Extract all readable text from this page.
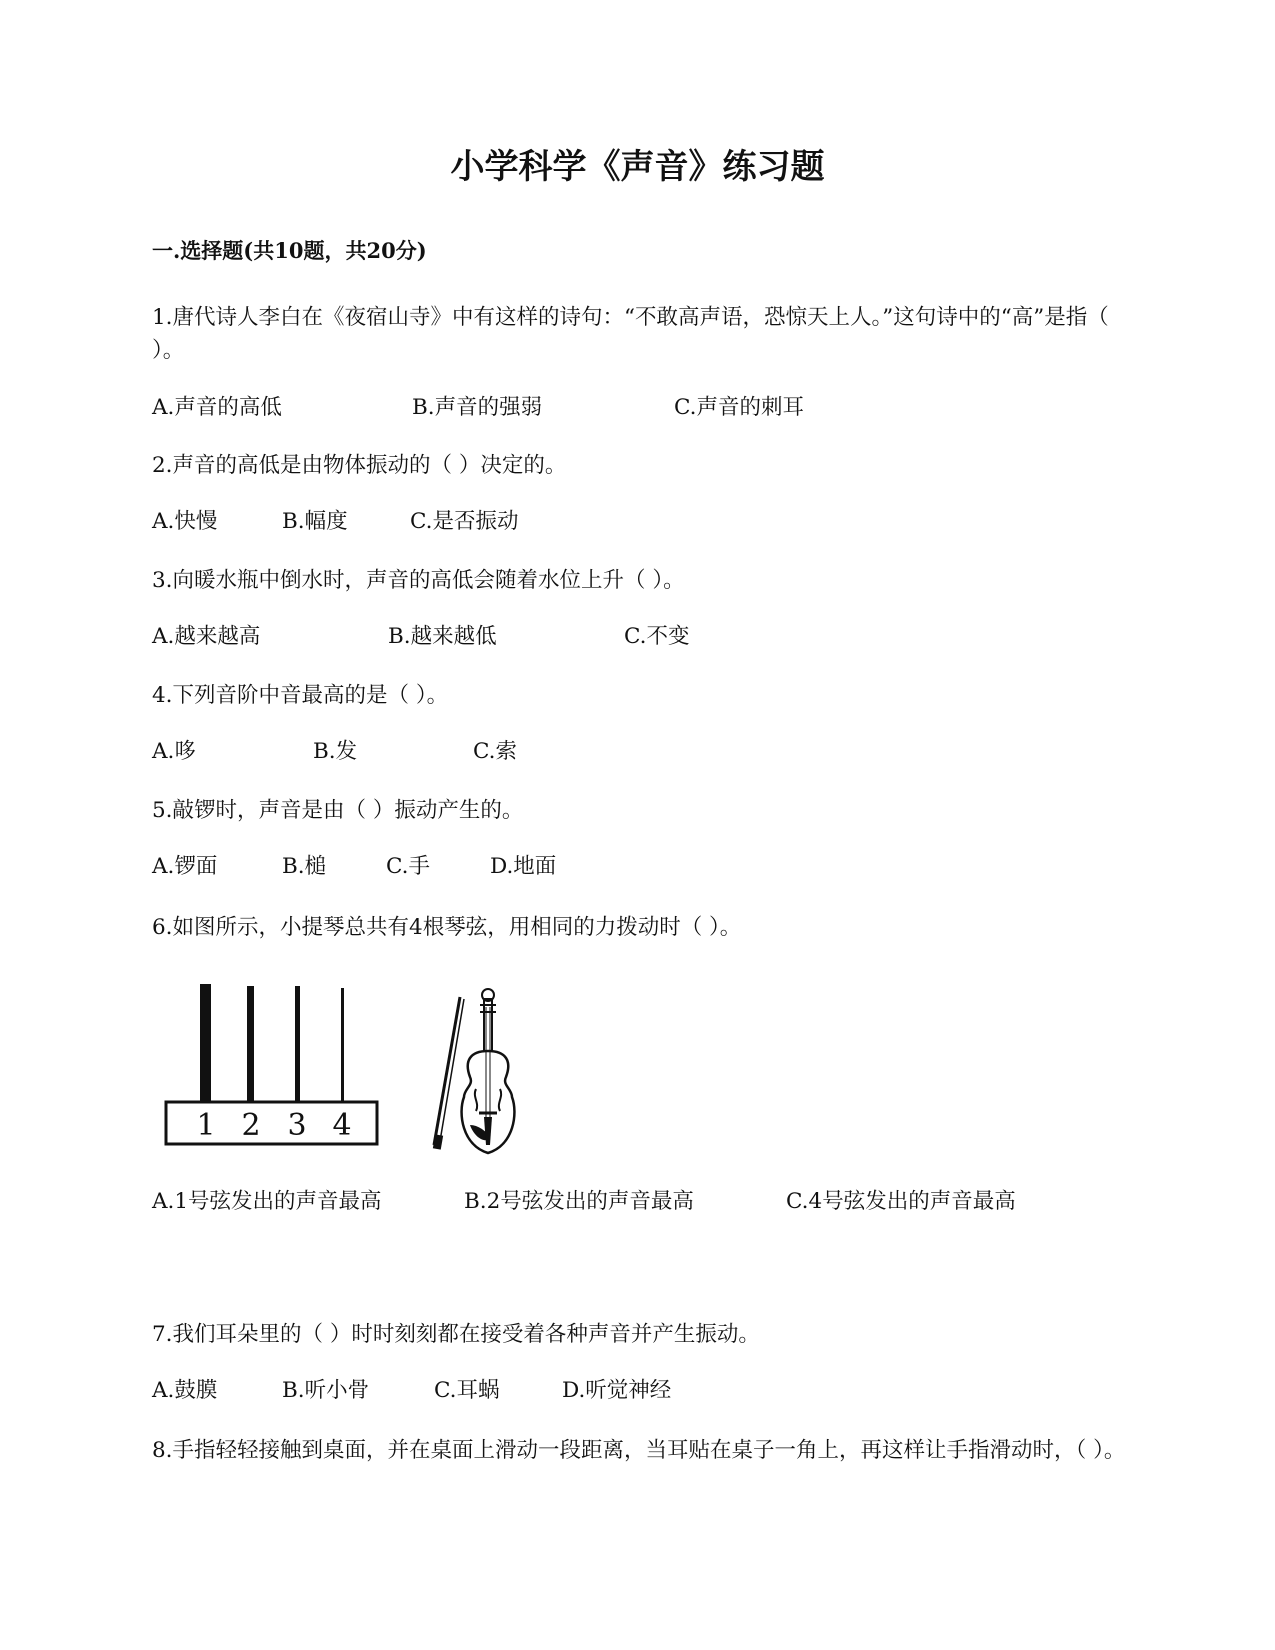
小学科学《声音》练习题
一.选择题(共10题，共20分)
1.唐代诗人李白在《夜宿山寺》中有这样的诗句：“不敢高声语，恐惊天上人。”这句诗中的“高”是指（ ）。
A.声音的高低	B.声音的强弱	C.声音的刺耳
2.声音的高低是由物体振动的（ ）决定的。
A.快慢	B.幅度	C.是否振动
3.向暖水瓶中倒水时，声音的高低会随着水位上升（ ）。
A.越来越高	B.越来越低	C.不变
4.下列音阶中音最高的是（ ）。
A.哆	B.发	C.索
5.敲锣时，声音是由（ ）振动产生的。
A.锣面	B.槌	C.手	D.地面
6.如图所示，小提琴总共有4根琴弦，用相同的力拨动时（ ）。
1 2 3 4
A.1号弦发出的声音最高	B.2号弦发出的声音最高	C.4号弦发出的声音最高
7.我们耳朵里的（ ）时时刻刻都在接受着各种声音并产生振动。
A.鼓膜	B.听小骨	C.耳蜗	D.听觉神经
8.手指轻轻接触到桌面，并在桌面上滑动一段距离，当耳贴在桌子一角上，再这样让手指滑动时，（ ）。
